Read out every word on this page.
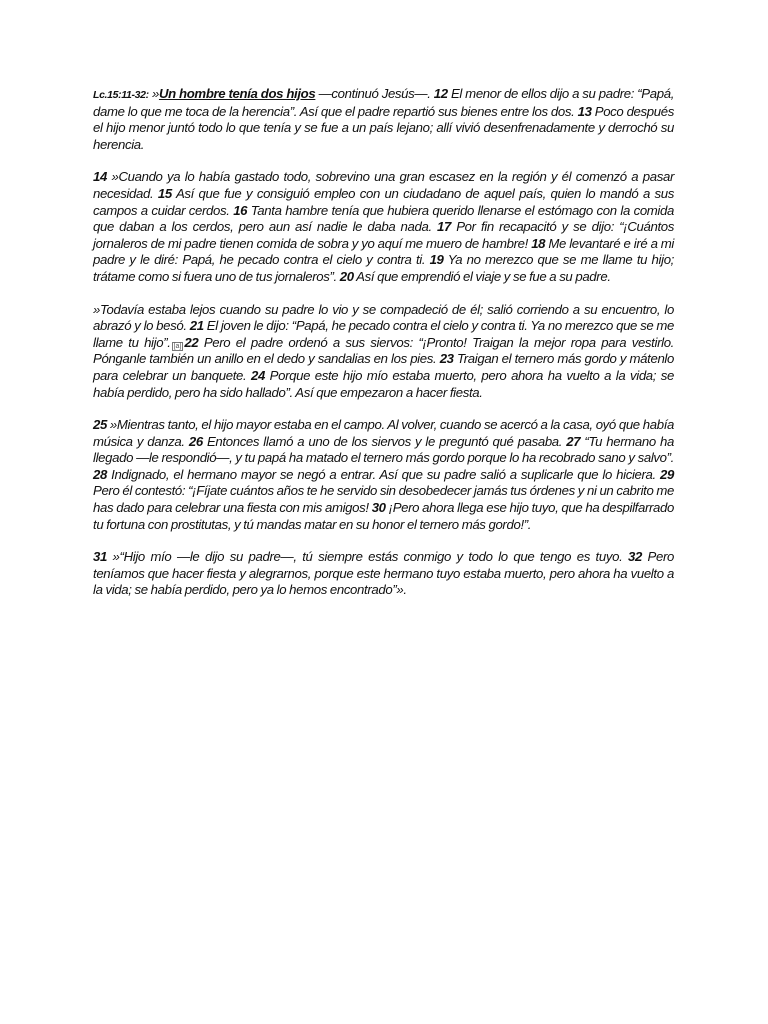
Lc.15:11-32: »Un hombre tenía dos hijos —continuó Jesús—. 12 El menor de ellos dijo a su padre: “Papá, dame lo que me toca de la herencia”. Así que el padre repartió sus bienes entre los dos. 13 Poco después el hijo menor juntó todo lo que tenía y se fue a un país lejano; allí vivió desenfrenadamente y derrochó su herencia.

14 »Cuando ya lo había gastado todo, sobrevino una gran escasez en la región y él comenzó a pasar necesidad. 15 Así que fue y consiguió empleo con un ciudadano de aquel país, quien lo mandó a sus campos a cuidar cerdos. 16 Tanta hambre tenía que hubiera querido llenarse el estómago con la comida que daban a los cerdos, pero aun así nadie le daba nada. 17 Por fin recapacitó y se dijo: “¡Cuántos jornaleros de mi padre tienen comida de sobra y yo aquí me muero de hambre! 18 Me levantaré e iré a mi padre y le diré: Papá, he pecado contra el cielo y contra ti. 19 Ya no merezco que se me llame tu hijo; trátame como si fuera uno de tus jornaleros”. 20 Así que emprendió el viaje y se fue a su padre.

»Todavía estaba lejos cuando su padre lo vio y se compadeció de él; salió corriendo a su encuentro, lo abrazó y lo besó. 21 El joven le dijo: “Papá, he pecado contra el cielo y contra ti. Ya no merezco que se me llame tu hijo”. [a] 22 Pero el padre ordenó a sus siervos: “¡Pronto! Traigan la mejor ropa para vestirlo. Pónganle también un anillo en el dedo y sandalias en los pies. 23 Traigan el ternero más gordo y mátenlo para celebrar un banquete. 24 Porque este hijo mío estaba muerto, pero ahora ha vuelto a la vida; se había perdido, pero ha sido hallado”. Así que empezaron a hacer fiesta.

25 »Mientras tanto, el hijo mayor estaba en el campo. Al volver, cuando se acercó a la casa, oyó que había música y danza. 26 Entonces llamó a uno de los siervos y le preguntó qué pasaba. 27 “Tu hermano ha llegado —le respondió—, y tu papá ha matado el ternero más gordo porque lo ha recobrado sano y salvo”. 28 Indignado, el hermano mayor se negó a entrar. Así que su padre salió a suplicarle que lo hiciera. 29 Pero él contestó: “¡Fíjate cuántos años te he servido sin desobedecer jamás tus órdenes y ni un cabrito me has dado para celebrar una fiesta con mis amigos! 30 ¡Pero ahora llega ese hijo tuyo, que ha despilfarrado tu fortuna con prostitutas, y tú mandas matar en su honor el ternero más gordo!”.

31 »“Hijo mío —le dijo su padre—, tú siempre estás conmigo y todo lo que tengo es tuyo. 32 Pero teníamos que hacer fiesta y alegrarnos, porque este hermano tuyo estaba muerto, pero ahora ha vuelto a la vida; se había perdido, pero ya lo hemos encontrado”».
